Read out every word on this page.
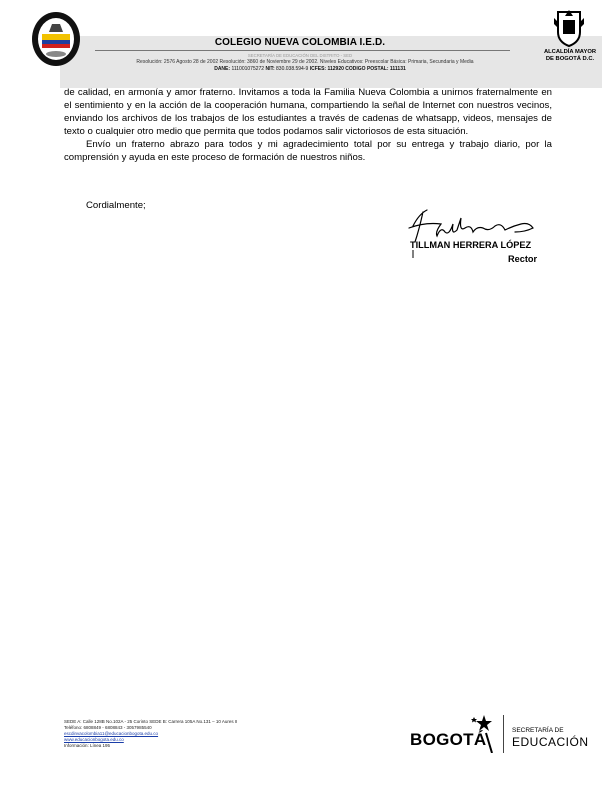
COLEGIO NUEVA COLOMBIA I.E.D.
SECRETARÍA DE EDUCACIÓN DEL DISTRITO - SED
Resolución: 2576 Agosto 28 de 2002 Resolución: 3860 de Noviembre 29 de 2002. Niveles Educativos: Preescolar Básica: Primaria, Secundaria y Media
DANE: 111001075272 NIT: 830.038.594-9 ICFES: 112920 CODIGO POSTAL: 111131
ALCALDÍA MAYOR
DE BOGOTÁ D.C.

de calidad, en armonía y amor fraterno. Invitamos a toda la Familia Nueva Colombia a unirnos fraternalmente en el sentimiento y en la acción de la cooperación humana, compartiendo la señal de Internet con nuestros vecinos, enviando los archivos de los trabajos de los estudiantes a través de cadenas de whatsapp, videos, mensajes de texto o cualquier otro medio que permita que todos podamos salir victoriosos de esta situación.

Envío un fraterno abrazo para todos y mi agradecimiento total por su entrega y trabajo diario, por la comprensión y ayuda en este proceso de formación de nuestros niños.

Cordialmente;
TILLMAN HERRERA LÓPEZ
Rector
SEDE A: Calle 128B No.102A - 25 Corinto SEDE B: Carrera 105A No.131 – 10 Aures II
Teléfono: 6808849 - 6808843 - 3057985540
escdinvacolombia11@educacionbogota.edu.co
www.educacionbogota.edu.co
Información: Línea 195	BOGOTÁ	SECRETARÍA DE
EDUCACIÓN
